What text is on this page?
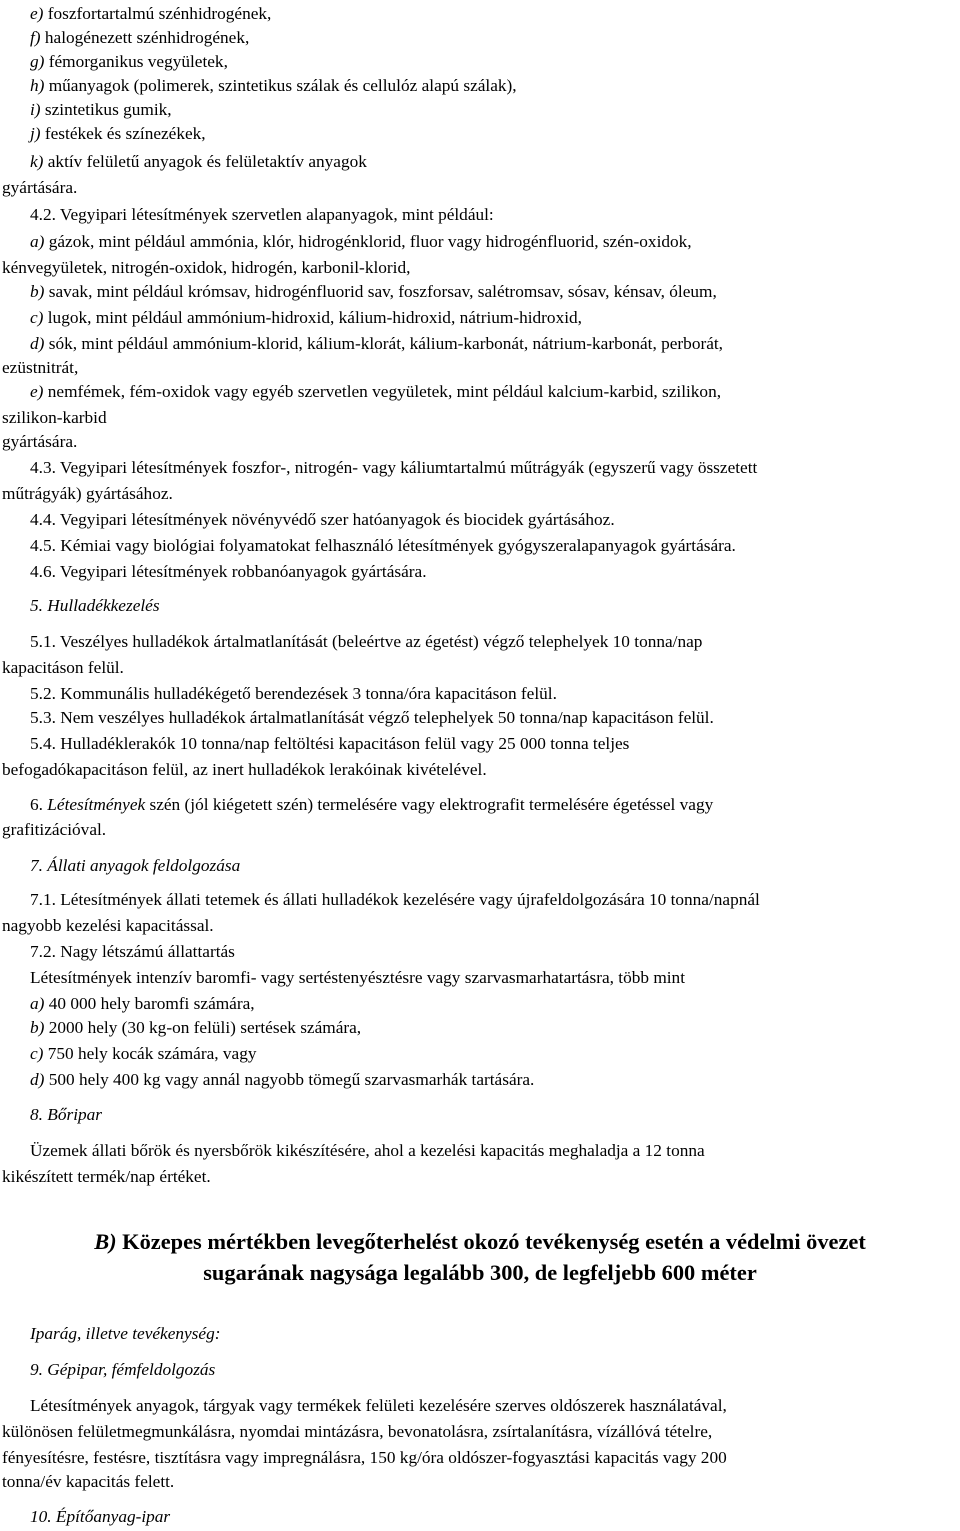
e) foszfortartalmú szénhidrogének,
f) halogénezett szénhidrogének,
g) fémorganikus vegyületek,
h) műanyagok (polimerek, szintetikus szálak és cellulóz alapú szálak),
i) szintetikus gumik,
j) festékek és színezékek,
k) aktív felületű anyagok és felületaktív anyagok
gyártására.
4.2. Vegyipari létesítmények szervetlen alapanyagok, mint például:
a) gázok, mint például ammónia, klór, hidrogénklorid, fluor vagy hidrogénfluorid, szén-oxidok,
kénvegyületek, nitrogén-oxidok, hidrogén, karbonil-klorid,
b) savak, mint például krómsav, hidrogénfluorid sav, foszforsav, salétromsav, sósav, kénsav, óleum,
c) lugok, mint például ammónium-hidroxid, kálium-hidroxid, nátrium-hidroxid,
d) sók, mint például ammónium-klorid, kálium-klorát, kálium-karbonát, nátrium-karbonát, perborát,
ezüstnitrát,
e) nemfémek, fém-oxidok vagy egyéb szervetlen vegyületek, mint például kalcium-karbid, szilikon,
szilikon-karbid
gyártására.
4.3. Vegyipari létesítmények foszfor-, nitrogén- vagy káliumtartalmú műtrágyák (egyszerű vagy összetett
műtrágyák) gyártásához.
4.4. Vegyipari létesítmények növényvédő szer hatóanyagok és biocidek gyártásához.
4.5. Kémiai vagy biológiai folyamatokat felhasználó létesítmények gyógyszeralapanyagok gyártására.
4.6. Vegyipari létesítmények robbanóanyagok gyártására.
5. Hulladékkezelés
5.1. Veszélyes hulladékok ártalmatlanítását (beleértve az égetést) végző telephelyek 10 tonna/nap
kapacitáson felül.
5.2. Kommunális hulladékégető berendezések 3 tonna/óra kapacitáson felül.
5.3. Nem veszélyes hulladékok ártalmatlanítását végző telephelyek 50 tonna/nap kapacitáson felül.
5.4. Hulladéklerakók 10 tonna/nap feltöltési kapacitáson felül vagy 25 000 tonna teljes
befogadókapacitáson felül, az inert hulladékok lerakóinak kivételével.
6. Létesítmények szén (jól kiégetett szén) termelésére vagy elektrografit termelésére égetéssel vagy
grafitizációval.
7. Állati anyagok feldolgozása
7.1. Létesítmények állati tetemek és állati hulladékok kezelésére vagy újrafeldolgozására 10 tonna/napnál
nagyobb kezelési kapacitással.
7.2. Nagy létszámú állattartás
Létesítmények intenzív baromfi- vagy sertéstenyésztésre vagy szarvasmarhatartásra, több mint
a) 40 000 hely baromfi számára,
b) 2000 hely (30 kg-on felüli) sertések számára,
c) 750 hely kocák számára, vagy
d) 500 hely 400 kg vagy annál nagyobb tömegű szarvasmarhák tartására.
8. Bőripar
Üzemek állati bőrök és nyersbőrök kikészítésére, ahol a kezelési kapacitás meghaladja a 12 tonna
kikészített termék/nap értéket.
B) Közepes mértékben levegőterhelést okozó tevékenység esetén a védelmi övezet
sugarának nagysága legalább 300, de legfeljebb 600 méter
Iparág, illetve tevékenység:
9. Gépipar, fémfeldolgozás
Létesítmények anyagok, tárgyak vagy termékek felületi kezelésére szerves oldószerek használatával,
különösen felületmegmunkálásra, nyomdai mintázásra, bevonatolásra, zsírtalanításra, vízállóvá tételre,
fényesítésre, festésre, tisztításra vagy impregnálásra, 150 kg/óra oldószer-fogyasztási kapacitás vagy 200
tonna/év kapacitás felett.
10. Építőanyag-ipar
